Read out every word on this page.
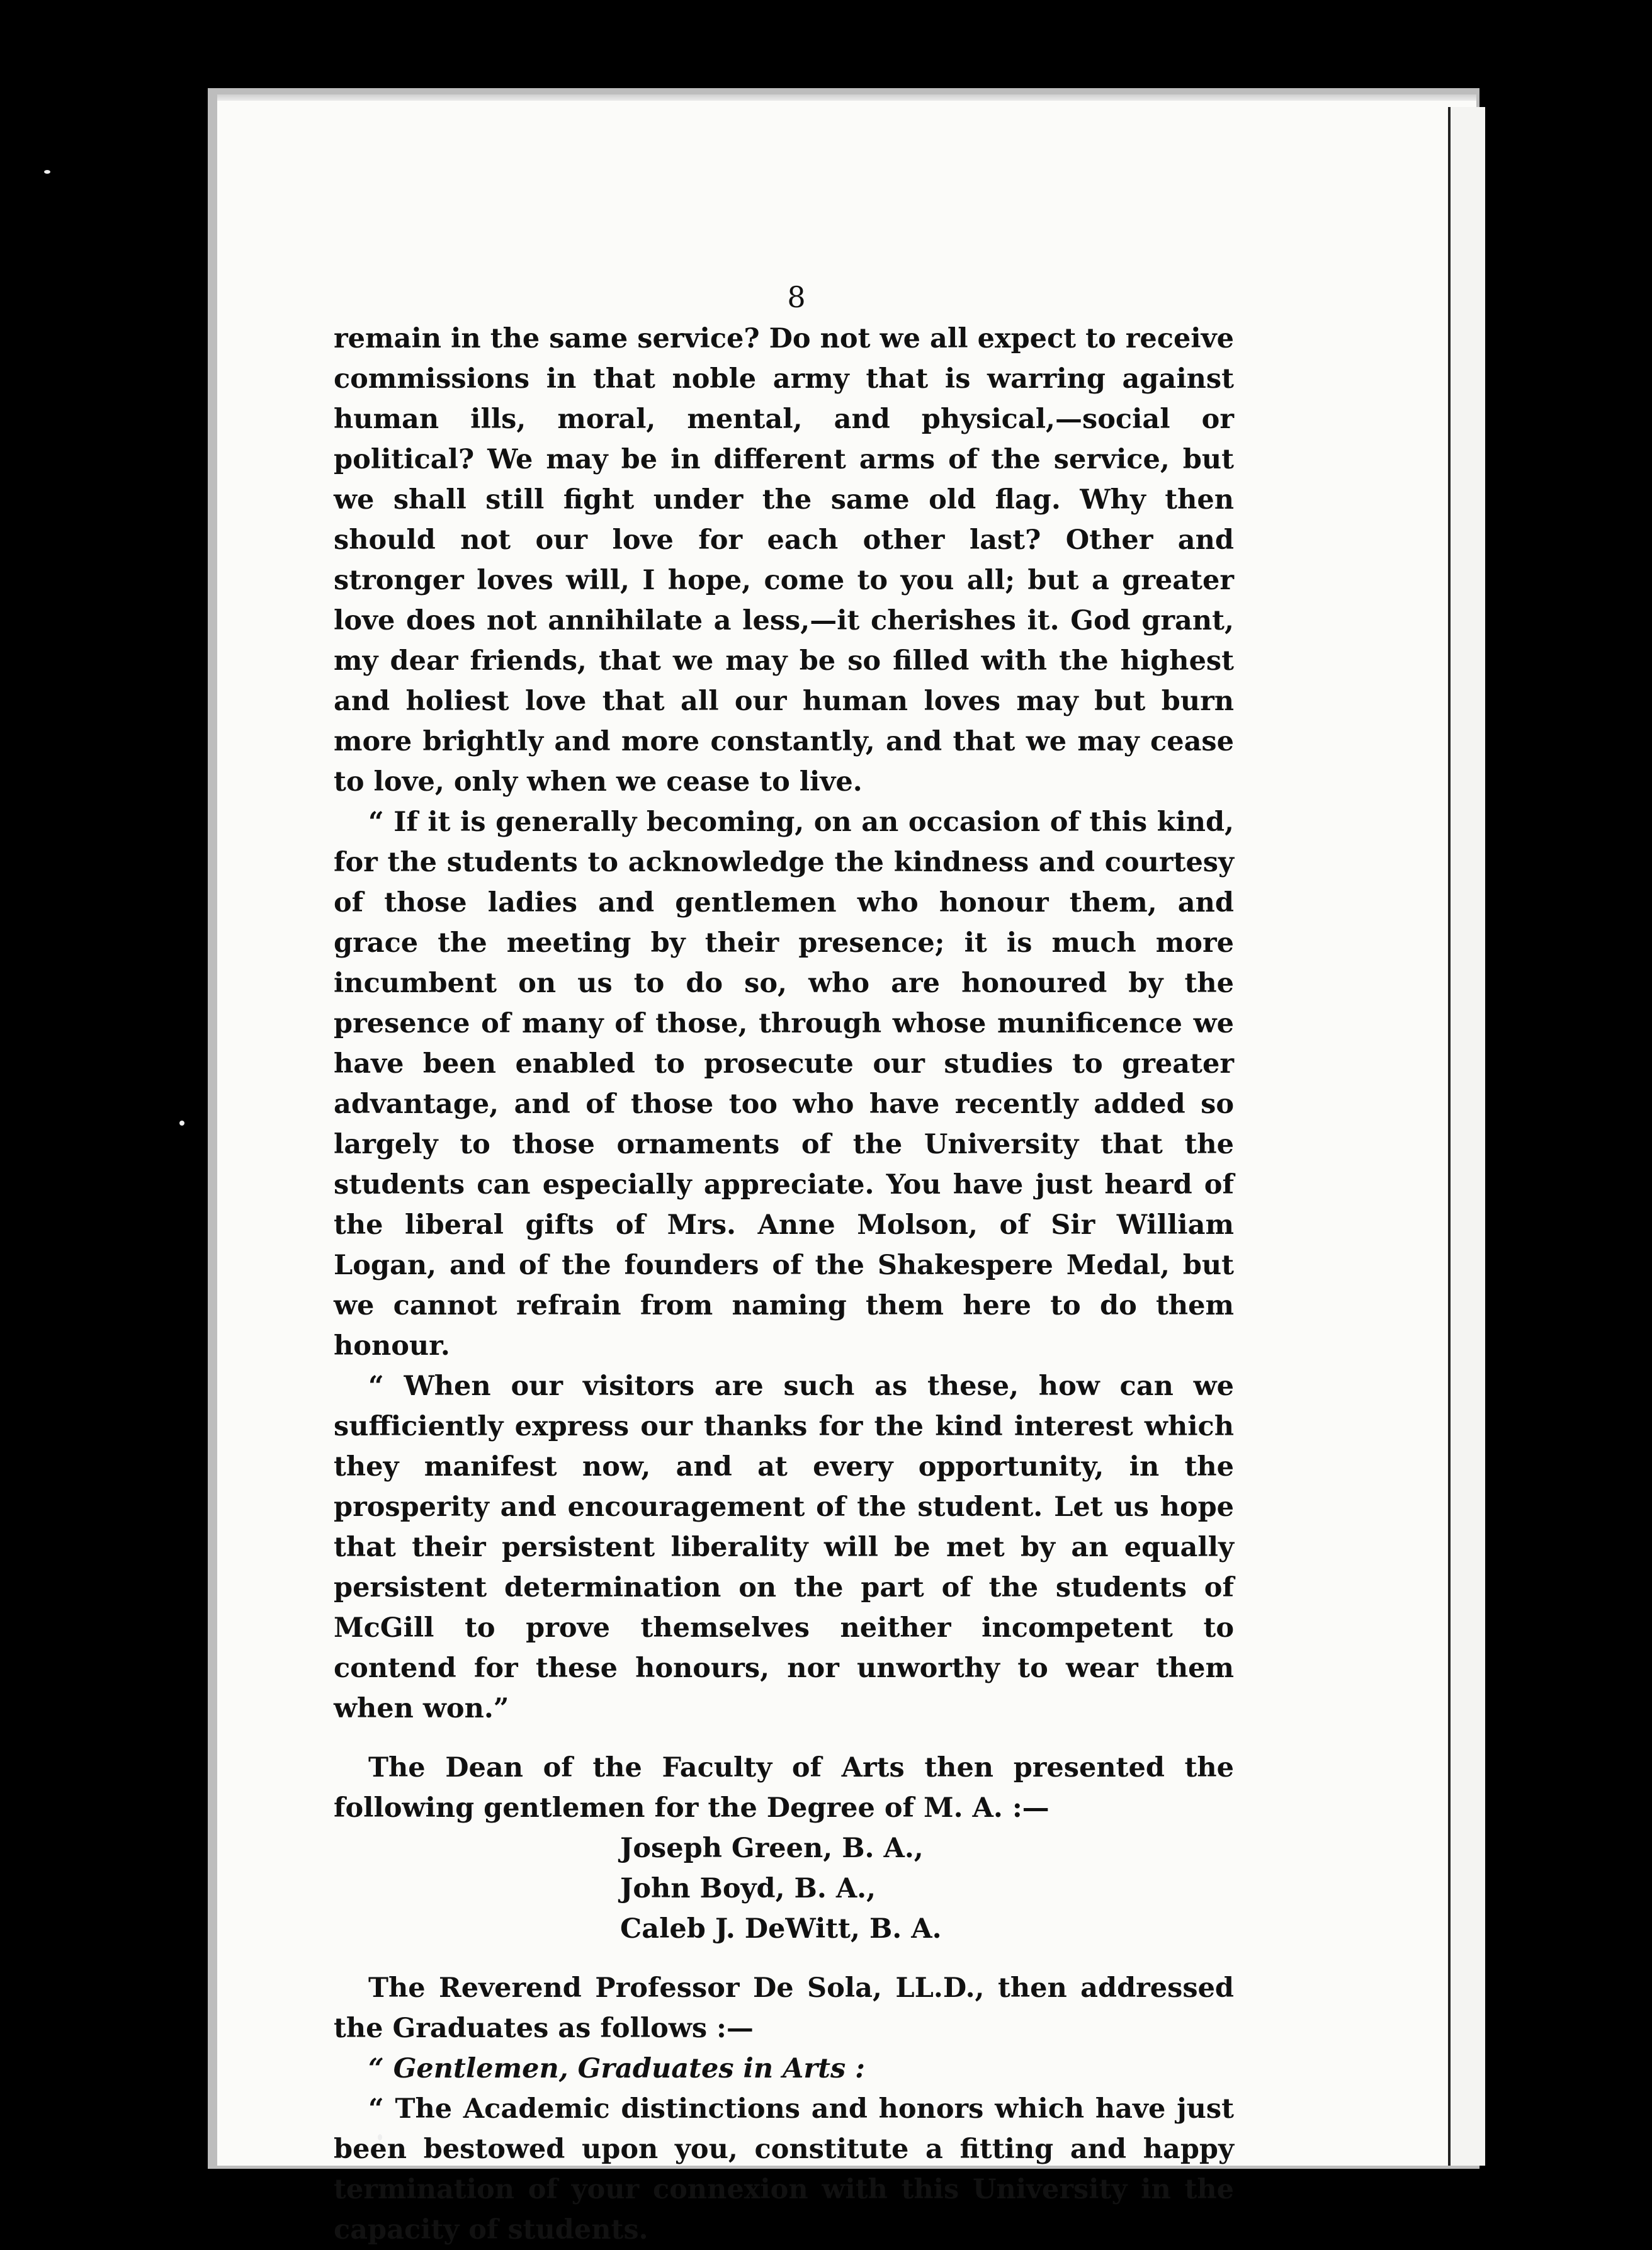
8

remain in the same service? Do not we all expect to receive commissions in that noble army that is warring against human ills, moral, mental, and physical,—social or political? We may be in different arms of the service, but we shall still fight under the same old flag. Why then should not our love for each other last? Other and stronger loves will, I hope, come to you all; but a greater love does not annihilate a less,—it cherishes it. God grant, my dear friends, that we may be so filled with the highest and holiest love that all our human loves may but burn more brightly and more constantly, and that we may cease to love, only when we cease to live.

“ If it is generally becoming, on an occasion of this kind, for the students to acknowledge the kindness and courtesy of those ladies and gentlemen who honour them, and grace the meeting by their presence; it is much more incumbent on us to do so, who are honoured by the presence of many of those, through whose munificence we have been enabled to prosecute our studies to greater advantage, and of those too who have recently added so largely to those ornaments of the University that the students can especially appreciate. You have just heard of the liberal gifts of Mrs. Anne Molson, of Sir William Logan, and of the founders of the Shakespere Medal, but we cannot refrain from naming them here to do them honour.

“ When our visitors are such as these, how can we sufficiently express our thanks for the kind interest which they manifest now, and at every opportunity, in the prosperity and encouragement of the student. Let us hope that their persistent liberality will be met by an equally persistent determination on the part of the students of McGill to prove themselves neither incompetent to contend for these honours, nor unworthy to wear them when won.”

The Dean of the Faculty of Arts then presented the following gentlemen for the Degree of M. A. :—

Joseph Green, B. A.,
John Boyd, B. A.,
Caleb J. DeWitt, B. A.

The Reverend Professor De Sola, LL.D., then addressed the Graduates as follows :—

“ Gentlemen, Graduates in Arts :

“ The Academic distinctions and honors which have just been bestowed upon you, constitute a fitting and happy termination of your connexion with this University in the capacity of students.
